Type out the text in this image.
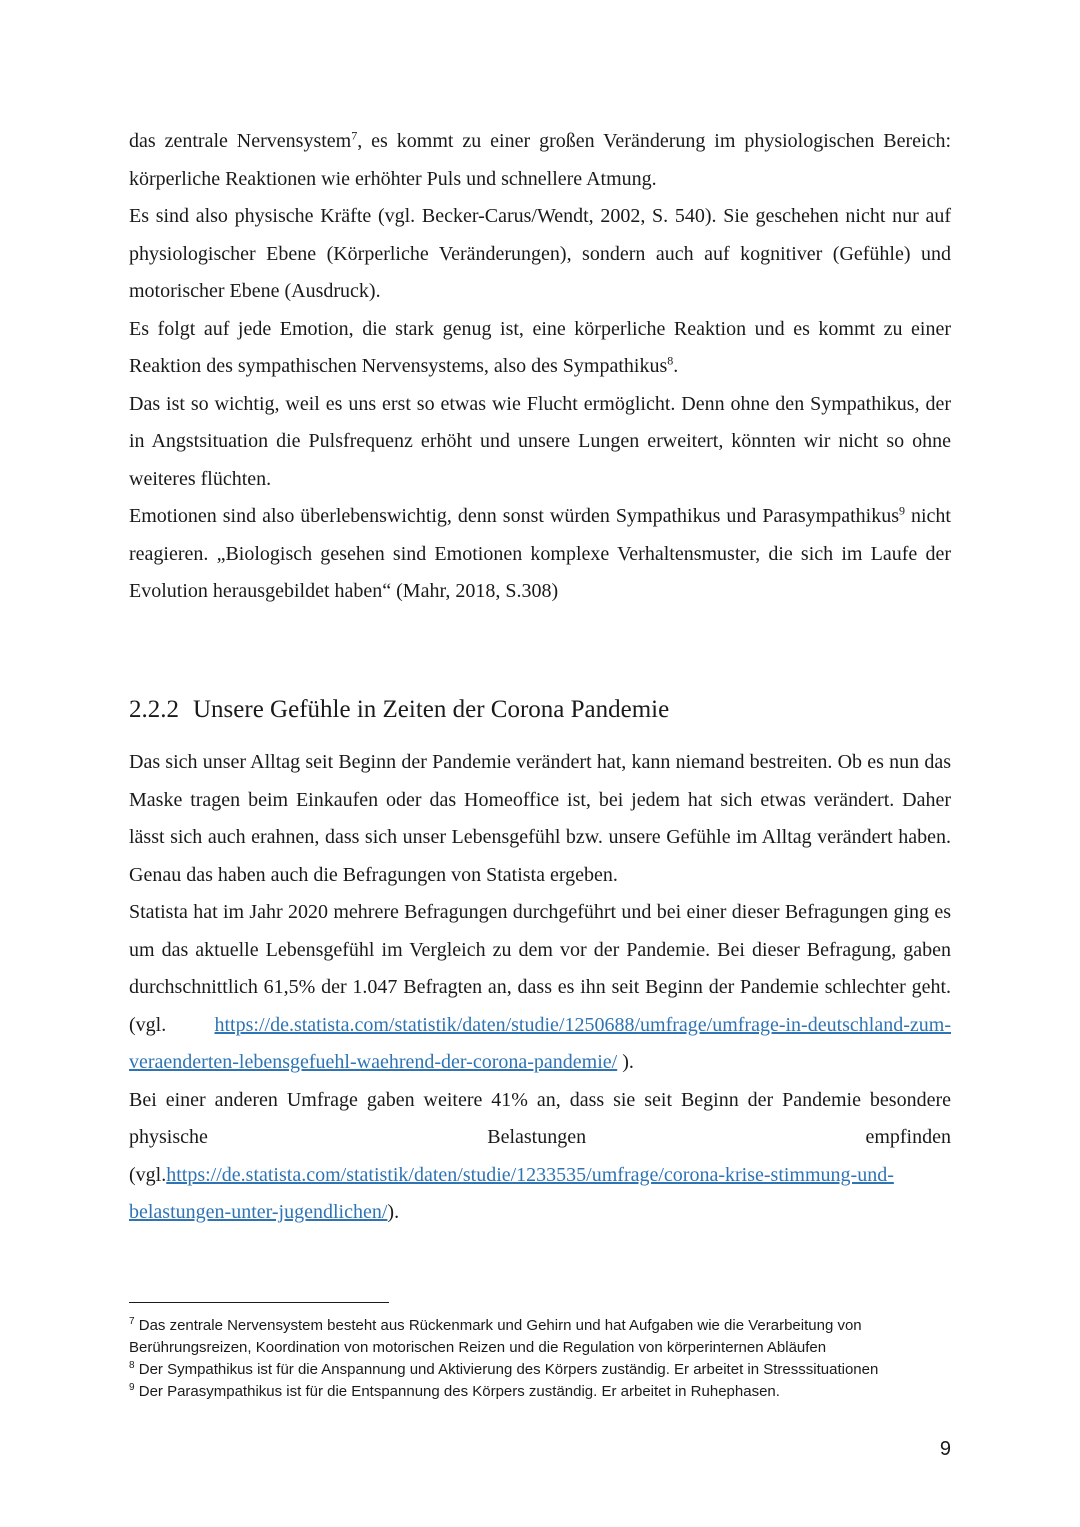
das zentrale Nervensystem$^7$, es kommt zu einer großen Veränderung im physiologischen Bereich: körperliche Reaktionen wie erhöhter Puls und schnellere Atmung.

Es sind also physische Kräfte (vgl. Becker-Carus/Wendt, 2002, S. 540). Sie geschehen nicht nur auf physiologischer Ebene (Körperliche Veränderungen), sondern auch auf kognitiver (Gefühle) und motorischer Ebene (Ausdruck).

Es folgt auf jede Emotion, die stark genug ist, eine körperliche Reaktion und es kommt zu einer Reaktion des sympathischen Nervensystems, also des Sympathikus$^8$.

Das ist so wichtig, weil es uns erst so etwas wie Flucht ermöglicht. Denn ohne den Sympathikus, der in Angstsituation die Pulsfrequenz erhöht und unsere Lungen erweitert, könnten wir nicht so ohne weiteres flüchten.

Emotionen sind also überlebenswichtig, denn sonst würden Sympathikus und Parasympathikus$^9$ nicht reagieren. „Biologisch gesehen sind Emotionen komplexe Verhaltensmuster, die sich im Laufe der Evolution herausgebildet haben“ (Mahr, 2018, S.308)

2.2.2 Unsere Gefühle in Zeiten der Corona Pandemie

Das sich unser Alltag seit Beginn der Pandemie verändert hat, kann niemand bestreiten. Ob es nun das Maske tragen beim Einkaufen oder das Homeoffice ist, bei jedem hat sich etwas verändert. Daher lässt sich auch erahnen, dass sich unser Lebensgefühl bzw. unsere Gefühle im Alltag verändert haben. Genau das haben auch die Befragungen von Statista ergeben.

Statista hat im Jahr 2020 mehrere Befragungen durchgeführt und bei einer dieser Befragungen ging es um das aktuelle Lebensgefühl im Vergleich zu dem vor der Pandemie. Bei dieser Befragung, gaben durchschnittlich 61,5% der 1.047 Befragten an, dass es ihn seit Beginn der Pandemie schlechter geht. (vgl. https://de.statista.com/statistik/daten/studie/1250688/umfrage/umfrage-in-deutschland-zum-veraenderten-lebensgefuehl-waehrend-der-corona-pandemie/ ).

Bei einer anderen Umfrage gaben weitere 41% an, dass sie seit Beginn der Pandemie besondere physische Belastungen empfinden (vgl.https://de.statista.com/statistik/daten/studie/1233535/umfrage/corona-krise-stimmung-und-belastungen-unter-jugendlichen/).

$^7$ Das zentrale Nervensystem besteht aus Rückenmark und Gehirn und hat Aufgaben wie die Verarbeitung von Berührungsreizen, Koordination von motorischen Reizen und die Regulation von körperinternen Abläufen

$^8$ Der Sympathikus ist für die Anspannung und Aktivierung des Körpers zuständig. Er arbeitet in Stresssituationen

$^9$ Der Parasympathikus ist für die Entspannung des Körpers zuständig. Er arbeitet in Ruhephasen.

9
